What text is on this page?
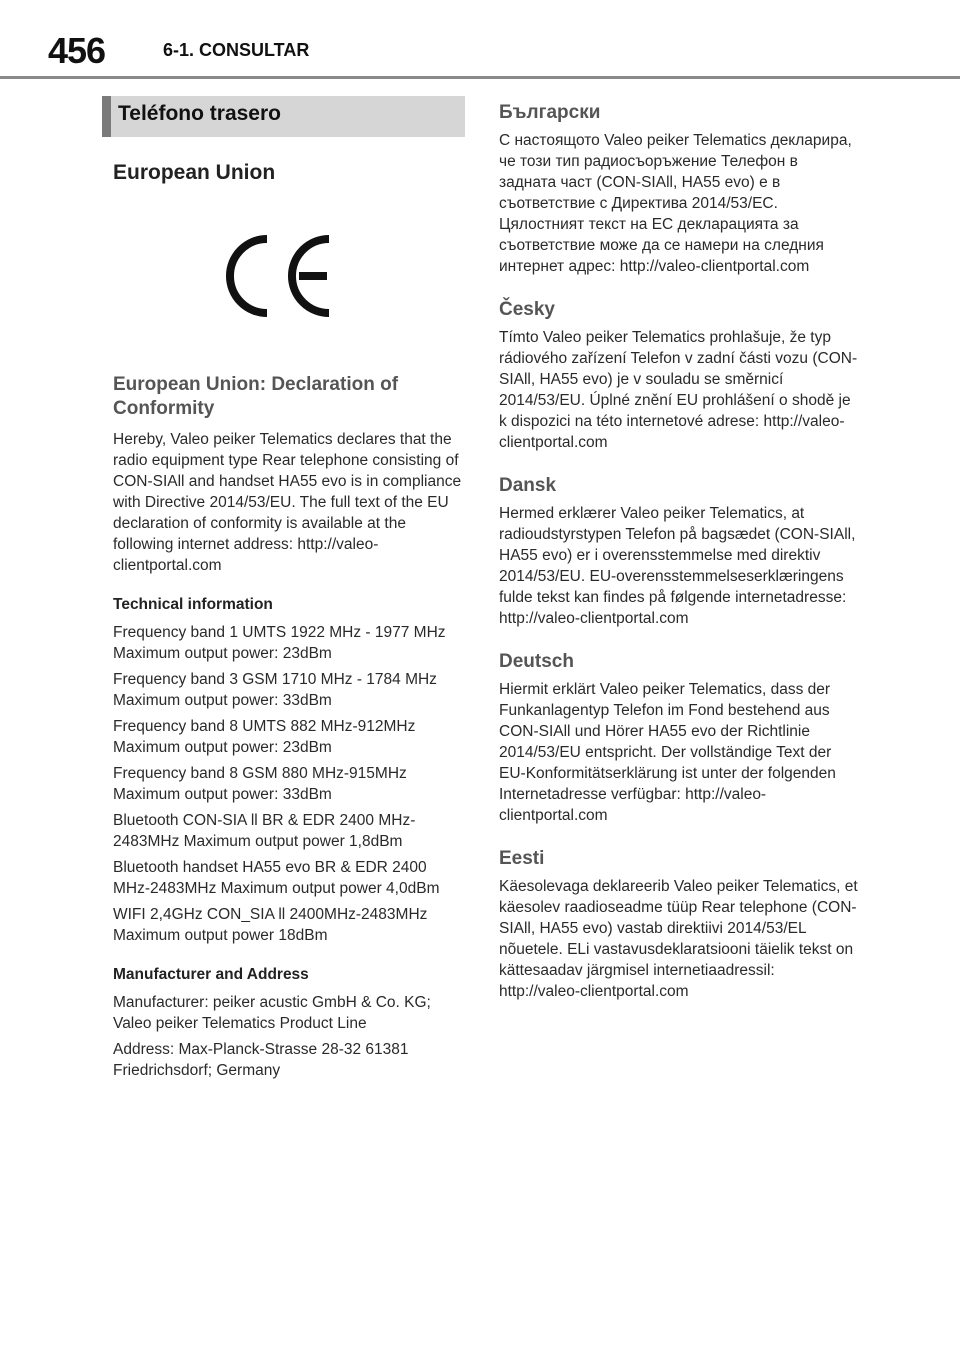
456	6-1. CONSULTAR
Teléfono trasero
European Union
European Union: Declaration of Conformity

Hereby, Valeo peiker Telematics declares that the radio equipment type Rear telephone consisting of CON-SIAll and handset HA55 evo is in compliance with Directive 2014/53/EU. The full text of the EU declaration of conformity is available at the following internet address: http://valeo-clientportal.com

Technical information

Frequency band 1 UMTS 1922 MHz - 1977 MHz Maximum output power: 23dBm

Frequency band 3 GSM 1710 MHz - 1784 MHz Maximum output power: 33dBm

Frequency band 8 UMTS 882 MHz-912MHz Maximum output power: 23dBm

Frequency band 8 GSM 880 MHz-915MHz Maximum output power: 33dBm

Bluetooth CON-SIA ll BR & EDR 2400 MHz-2483MHz Maximum output power 1,8dBm

Bluetooth handset HA55 evo BR & EDR 2400 MHz-2483MHz Maximum output power 4,0dBm

WIFI 2,4GHz CON_SIA ll 2400MHz-2483MHz Maximum output power 18dBm

Manufacturer and Address

Manufacturer: peiker acustic GmbH & Co. KG; Valeo peiker Telematics Product Line

Address: Max-Planck-Strasse 28-32 61381 Friedrichsdorf; Germany

Български

С настоящото Valeo peiker Telematics декларира, че този тип радиосъоръжение Телефон в задната част (CON-SIAll, HA55 evo) е в съответствие с Директива 2014/53/ЕС. Цялостният текст на ЕС декларацията за съответствие може да се намери на следния интернет адрес: http://valeo-clientportal.com

Česky

Tímto Valeo peiker Telematics prohlašuje, že typ rádiového zařízení Telefon v zadní části vozu (CON-SIAll, HA55 evo) je v souladu se směrnicí 2014/53/EU. Úplné znění EU prohlášení o shodě je k dispozici na této internetové adrese: http://valeo-clientportal.com

Dansk

Hermed erklærer Valeo peiker Telematics, at radioudstyrstypen Telefon på bagsædet (CON-SIAll, HA55 evo) er i overensstemmelse med direktiv 2014/53/EU. EU-overensstemmelseserklæringens fulde tekst kan findes på følgende internetadresse: http://valeo-clientportal.com

Deutsch

Hiermit erklärt Valeo peiker Telematics, dass der Funkanlagentyp Telefon im Fond bestehend aus CON-SIAll und Hörer HA55 evo der Richtlinie 2014/53/EU entspricht. Der vollständige Text der EU-Konformitätserklärung ist unter der folgenden Internetadresse verfügbar: http://valeo-clientportal.com

Eesti

Käesolevaga deklareerib Valeo peiker Telematics, et käesolev raadioseadme tüüp Rear telephone (CON-SIAll, HA55 evo) vastab direktiivi 2014/53/EL nõuetele. ELi vastavusdeklaratsiooni täielik tekst on kättesaadav järgmisel internetiaadressil: http://valeo-clientportal.com
